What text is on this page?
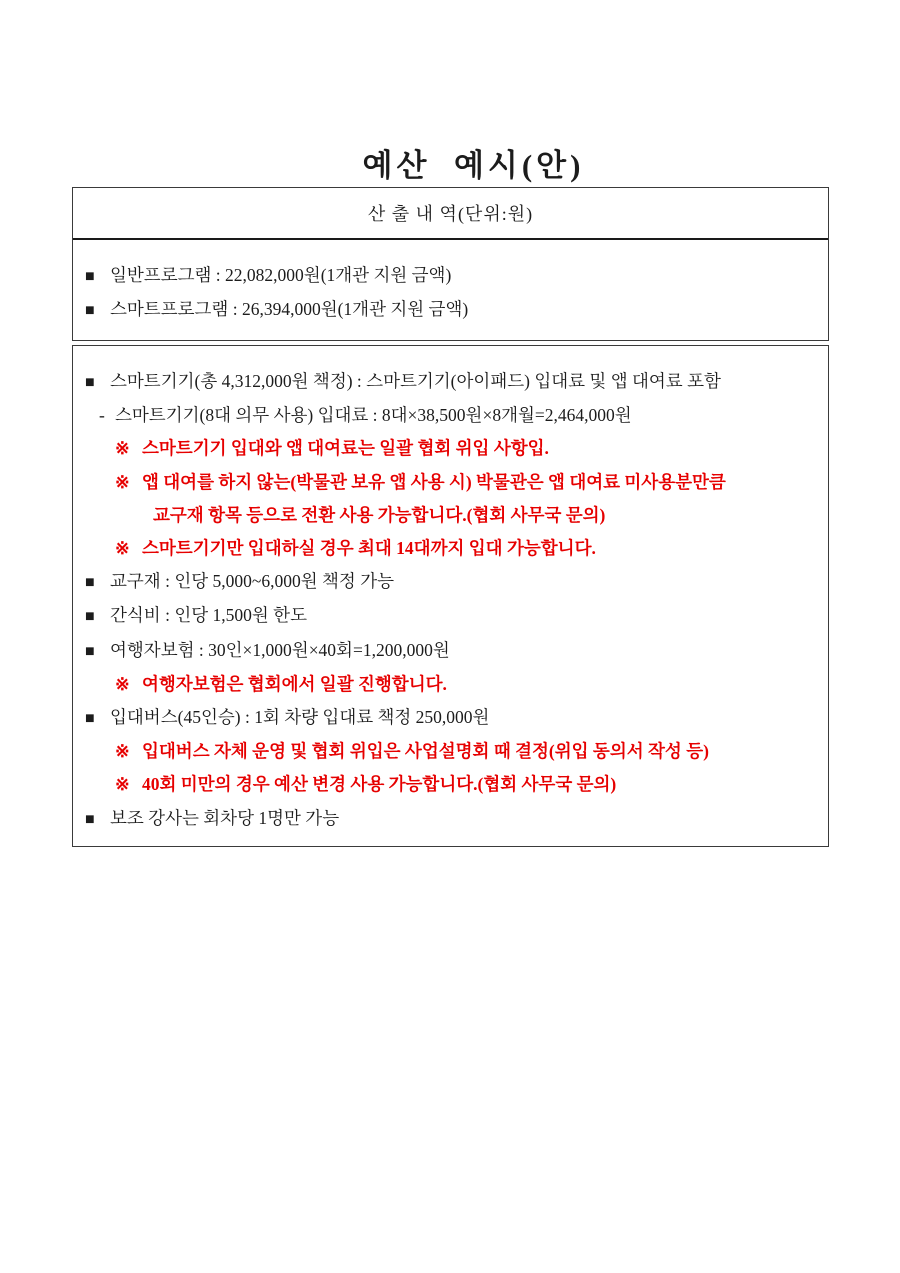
예산  예시(안)

산 출 내 역(단위:원)
■ 일반프로그램 : 22,082,000원(1개관 지원 금액)
■ 스마트프로그램 : 26,394,000원(1개관 지원 금액)
■ 스마트기기(총 4,312,000원 책정) : 스마트기기(아이패드) 입대료 및 앱 대여료 포함
- 스마트기기(8대 의무 사용) 입대료 : 8대×38,500원×8개월=2,464,000원
※ 스마트기기 입대와 앱 대여료는 일괄 협회 위입 사항입.
※ 앱 대여를 하지 않는(박물관 보유 앱 사용 시) 박물관은 앱 대여료 미사용분만큼
교구재 항목 등으로 전환 사용 가능합니다.(협회 사무국 문의)
※ 스마트기기만 입대하실 경우 최대 14대까지 입대 가능합니다.
■ 교구재 : 인당 5,000~6,000원 책정 가능
■ 간식비 : 인당 1,500원 한도
■ 여행자보험 : 30인×1,000원×40회=1,200,000원
※ 여행자보험은 협회에서 일괄 진행합니다.
■ 입대버스(45인승) : 1회 차량 입대료 책정 250,000원
※ 입대버스 자체 운영 및 협회 위입은 사업설명회 때 결정(위입 동의서 작성 등)
※ 40회 미만의 경우 예산 변경 사용 가능합니다.(협회 사무국 문의)
■ 보조 강사는 회차당 1명만 가능
